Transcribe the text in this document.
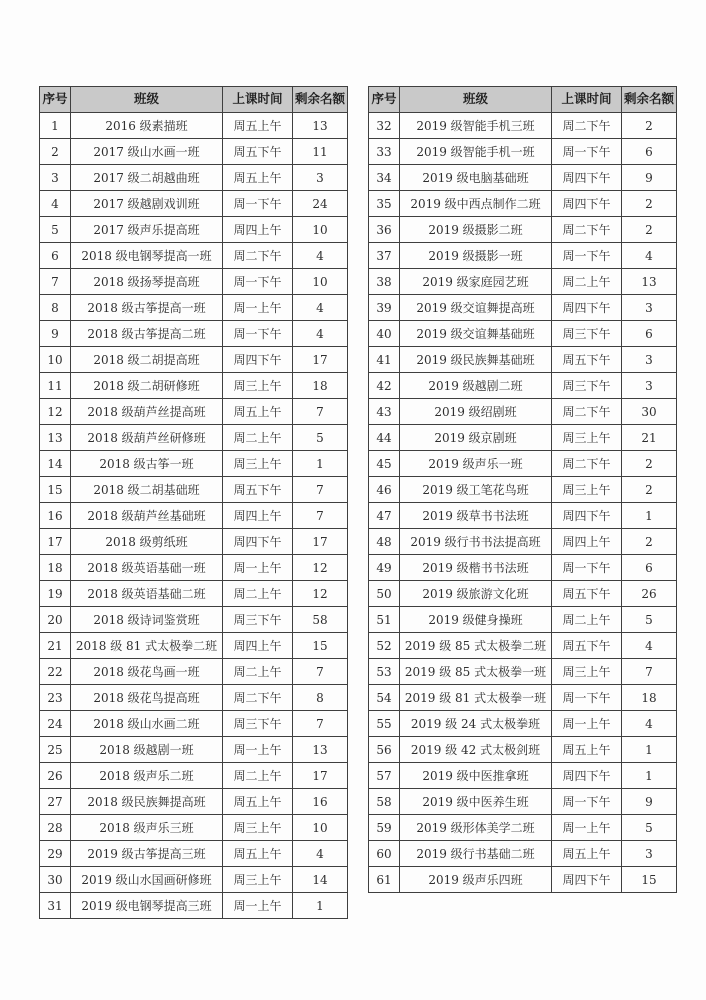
序号	班级	上课时间	剩余名额
1	2016 级素描班	周五上午	13
2	2017 级山水画一班	周五下午	11
3	2017 级二胡越曲班	周五上午	3
4	2017 级越剧戏训班	周一下午	24
5	2017 级声乐提高班	周四上午	10
6	2018 级电钢琴提高一班	周二下午	4
7	2018 级扬琴提高班	周一下午	10
8	2018 级古筝提高一班	周一上午	4
9	2018 级古筝提高二班	周一下午	4
10	2018 级二胡提高班	周四下午	17
11	2018 级二胡研修班	周三上午	18
12	2018 级葫芦丝提高班	周五上午	7
13	2018 级葫芦丝研修班	周二上午	5
14	2018 级古筝一班	周三上午	1
15	2018 级二胡基础班	周五下午	7
16	2018 级葫芦丝基础班	周四上午	7
17	2018 级剪纸班	周四下午	17
18	2018 级英语基础一班	周一上午	12
19	2018 级英语基础二班	周二上午	12
20	2018 级诗词鉴赏班	周三下午	58
21	2018 级 81 式太极拳二班	周四上午	15
22	2018 级花鸟画一班	周二上午	7
23	2018 级花鸟提高班	周二下午	8
24	2018 级山水画二班	周三下午	7
25	2018 级越剧一班	周一上午	13
26	2018 级声乐二班	周二上午	17
27	2018 级民族舞提高班	周五上午	16
28	2018 级声乐三班	周三上午	10
29	2019 级古筝提高三班	周五上午	4
30	2019 级山水国画研修班	周三上午	14
31	2019 级电钢琴提高三班	周一上午	1
序号	班级	上课时间	剩余名额
32	2019 级智能手机三班	周二下午	2
33	2019 级智能手机一班	周一下午	6
34	2019 级电脑基础班	周四下午	9
35	2019 级中西点制作二班	周四下午	2
36	2019 级摄影二班	周二下午	2
37	2019 级摄影一班	周一下午	4
38	2019 级家庭园艺班	周二上午	13
39	2019 级交谊舞提高班	周四下午	3
40	2019 级交谊舞基础班	周三下午	6
41	2019 级民族舞基础班	周五下午	3
42	2019 级越剧二班	周三下午	3
43	2019 级绍剧班	周二下午	30
44	2019 级京剧班	周三上午	21
45	2019 级声乐一班	周二下午	2
46	2019 级工笔花鸟班	周三上午	2
47	2019 级草书书法班	周四下午	1
48	2019 级行书书法提高班	周四上午	2
49	2019 级楷书书法班	周一下午	6
50	2019 级旅游文化班	周五下午	26
51	2019 级健身操班	周二上午	5
52	2019 级 85 式太极拳二班	周五下午	4
53	2019 级 85 式太极拳一班	周三上午	7
54	2019 级 81 式太极拳一班	周一下午	18
55	2019 级 24 式太极拳班	周一上午	4
56	2019 级 42 式太极剑班	周五上午	1
57	2019 级中医推拿班	周四下午	1
58	2019 级中医养生班	周一下午	9
59	2019 级形体美学二班	周一上午	5
60	2019 级行书基础二班	周五上午	3
61	2019 级声乐四班	周四下午	15
